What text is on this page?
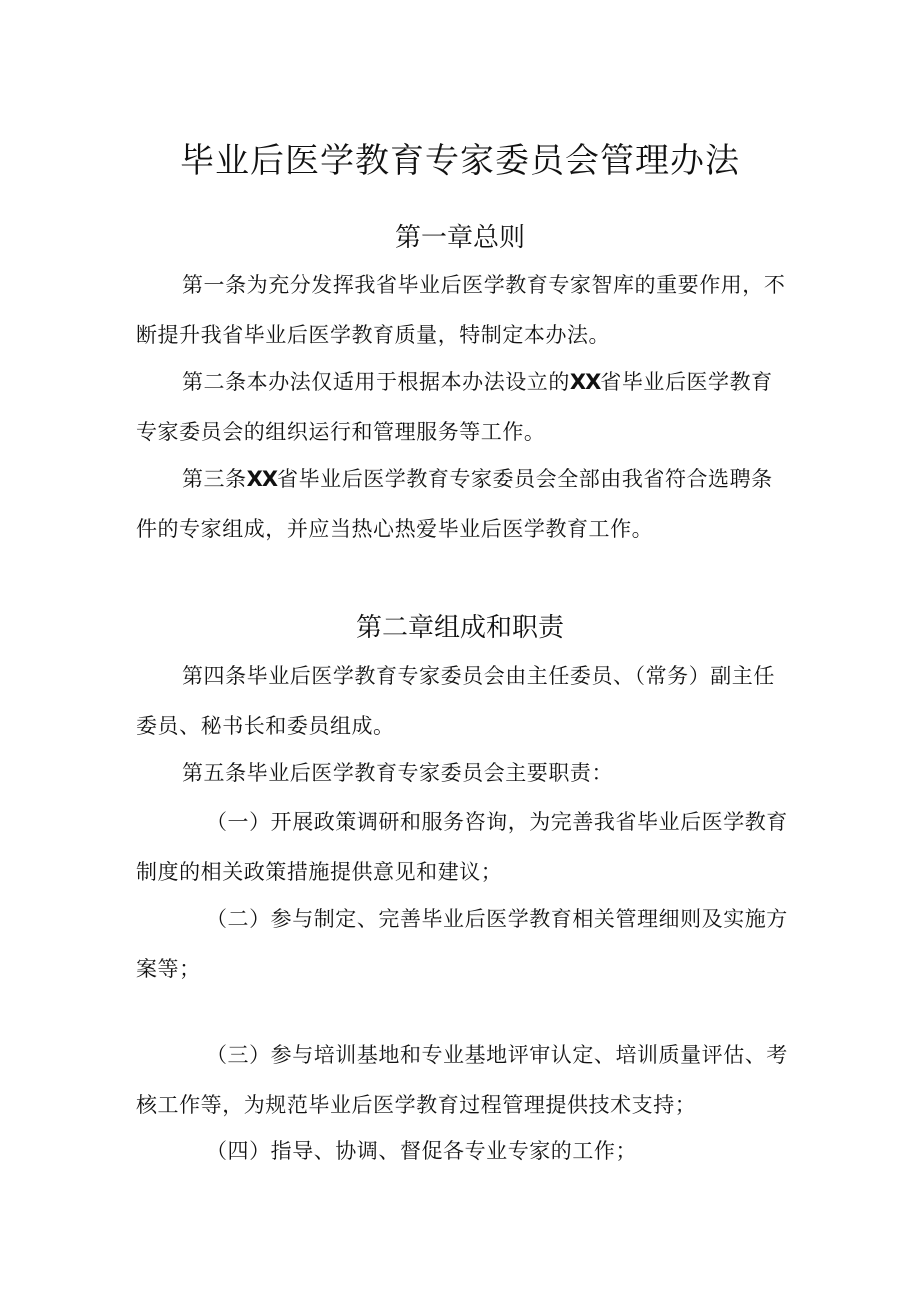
毕业后医学教育专家委员会管理办法
第一章总则

第一条为充分发挥我省毕业后医学教育专家智库的重要作用，不断提升我省毕业后医学教育质量，特制定本办法。

第二条本办法仅适用于根据本办法设立的XX省毕业后医学教育专家委员会的组织运行和管理服务等工作。

第三条XX省毕业后医学教育专家委员会全部由我省符合选聘条件的专家组成，并应当热心热爱毕业后医学教育工作。

第二章组成和职责

第四条毕业后医学教育专家委员会由主任委员、（常务）副主任委员、秘书长和委员组成。

第五条毕业后医学教育专家委员会主要职责：

（一）开展政策调研和服务咨询，为完善我省毕业后医学教育制度的相关政策措施提供意见和建议；

（二）参与制定、完善毕业后医学教育相关管理细则及实施方案等；

（三）参与培训基地和专业基地评审认定、培训质量评估、考核工作等，为规范毕业后医学教育过程管理提供技术支持；

（四）指导、协调、督促各专业专家的工作；
